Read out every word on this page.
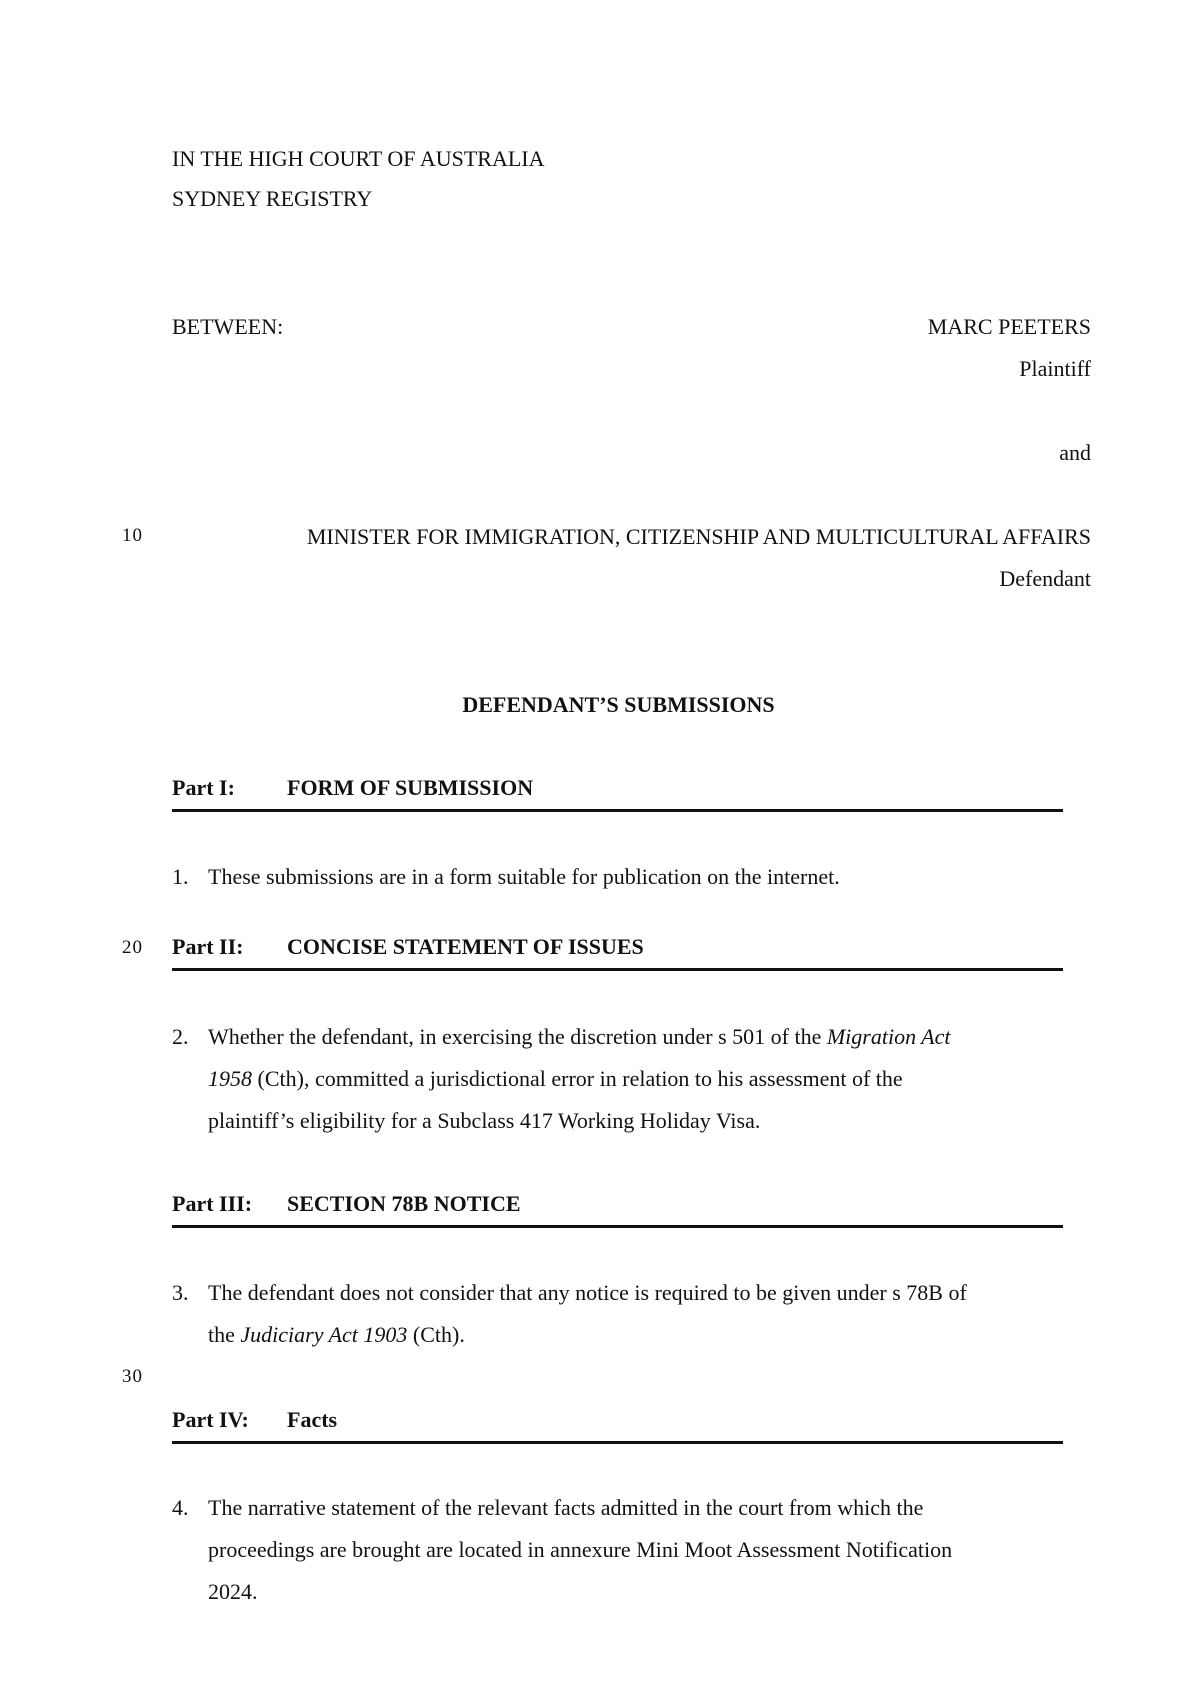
IN THE HIGH COURT OF AUSTRALIA
SYDNEY REGISTRY
BETWEEN:	MARC PEETERS
Plaintiff
and
10	MINISTER FOR IMMIGRATION, CITIZENSHIP AND MULTICULTURAL AFFAIRS
Defendant
DEFENDANT’S SUBMISSIONS
Part I: FORM OF SUBMISSION
1. These submissions are in a form suitable for publication on the internet.
20 Part II: CONCISE STATEMENT OF ISSUES
2. Whether the defendant, in exercising the discretion under s 501 of the Migration Act
1958 (Cth), committed a jurisdictional error in relation to his assessment of the
plaintiff’s eligibility for a Subclass 417 Working Holiday Visa.
Part III: SECTION 78B NOTICE
3. The defendant does not consider that any notice is required to be given under s 78B of
the Judiciary Act 1903 (Cth).
30
Part IV: Facts
4. The narrative statement of the relevant facts admitted in the court from which the
proceedings are brought are located in annexure Mini Moot Assessment Notification
2024.
